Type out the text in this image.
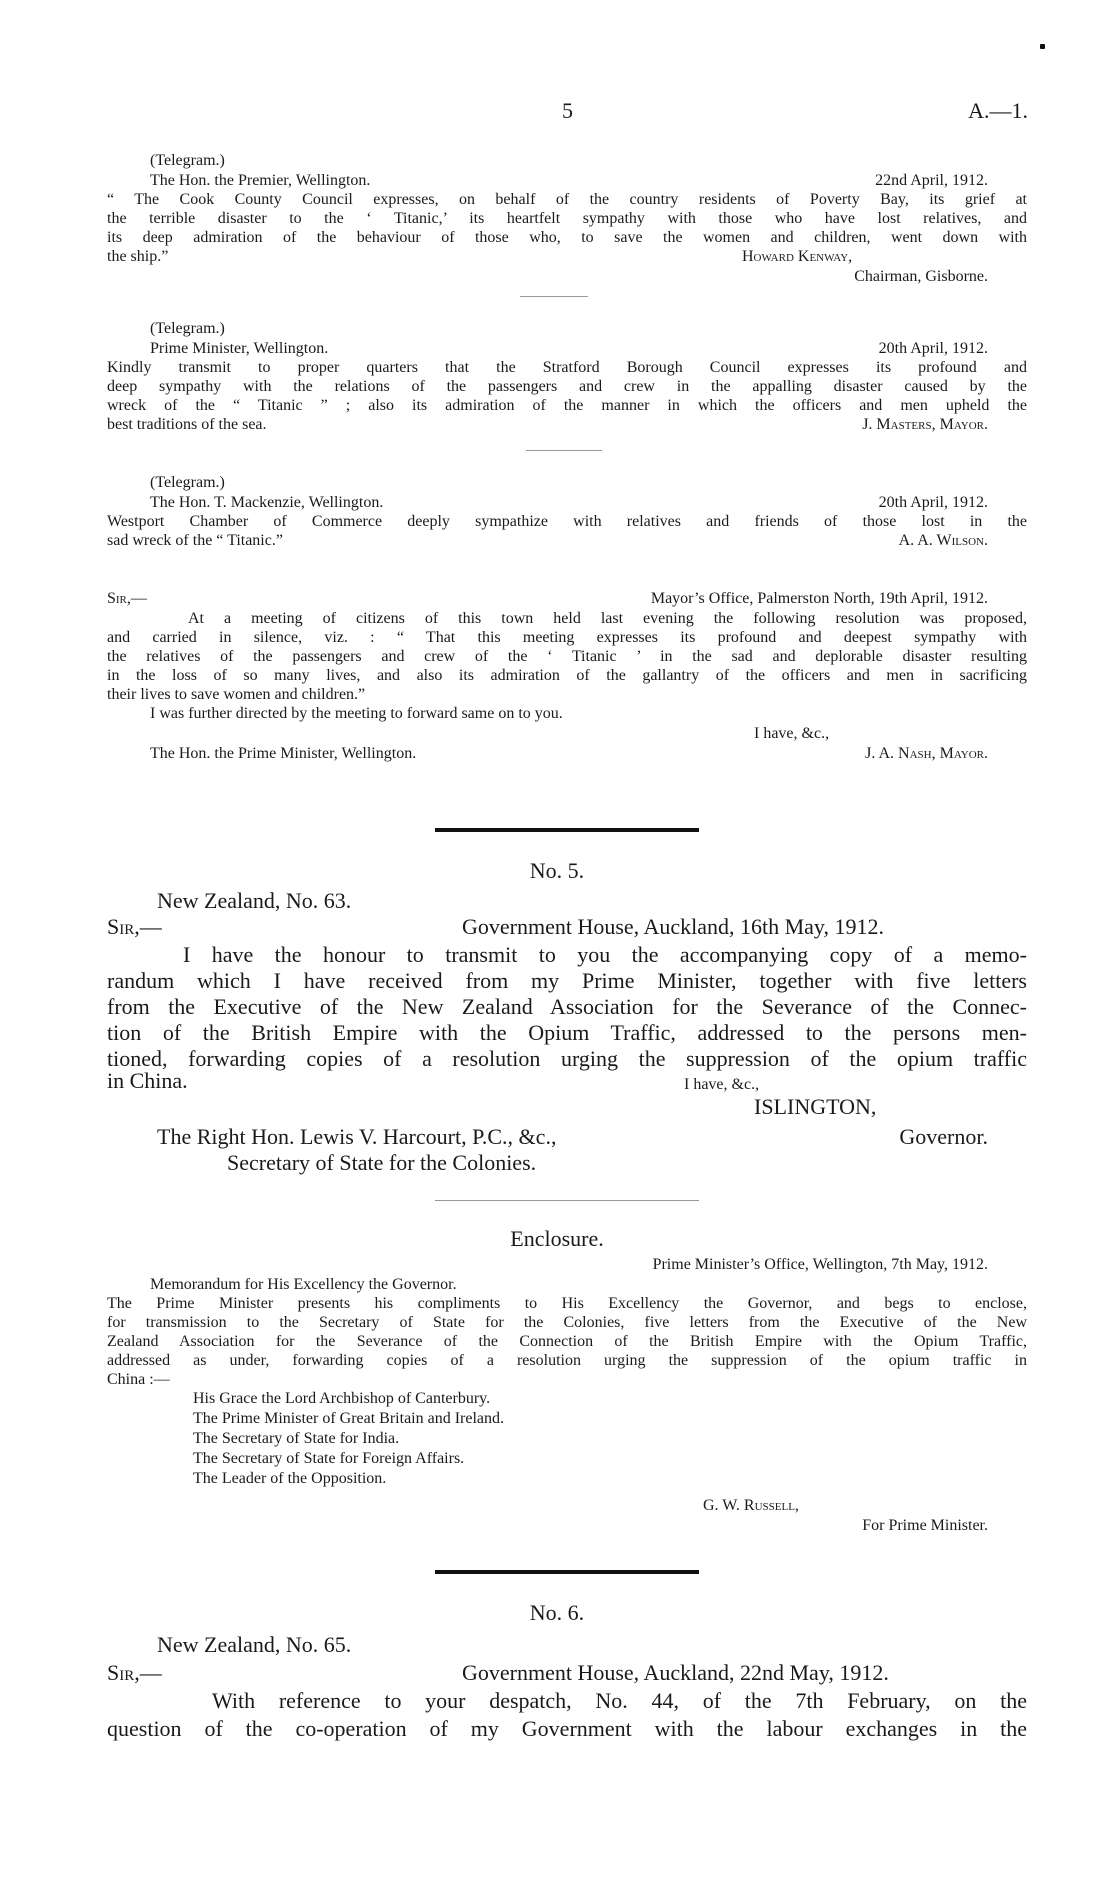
5	A.—1.
(Telegram.)
The Hon. the Premier, Wellington.	22nd April, 1912.
“ The Cook County Council expresses, on behalf of the country residents of Poverty Bay, its grief at
the terrible disaster to the ‘ Titanic,’ its heartfelt sympathy with those who have lost relatives, and
its deep admiration of the behaviour of those who, to save the women and children, went down with
the ship.”	Howard Kenway,
Chairman, Gisborne.
(Telegram.)
Prime Minister, Wellington.	20th April, 1912.
Kindly transmit to proper quarters that the Stratford Borough Council expresses its profound and
deep sympathy with the relations of the passengers and crew in the appalling disaster caused by the
wreck of the “ Titanic ” ; also its admiration of the manner in which the officers and men upheld the
best traditions of the sea.	J. Masters, Mayor.
(Telegram.)
The Hon. T. Mackenzie, Wellington.	20th April, 1912.
Westport Chamber of Commerce deeply sympathize with relatives and friends of those lost in the
sad wreck of the “ Titanic.”	A. A. Wilson.
Sir,—	Mayor’s Office, Palmerston North, 19th April, 1912.
At a meeting of citizens of this town held last evening the following resolution was proposed,
and carried in silence, viz. : “ That this meeting expresses its profound and deepest sympathy with
the relatives of the passengers and crew of the ‘ Titanic ’ in the sad and deplorable disaster resulting
in the loss of so many lives, and also its admiration of the gallantry of the officers and men in sacrificing
their lives to save women and children.”
I was further directed by the meeting to forward same on to you.
I have, &c.,
The Hon. the Prime Minister, Wellington.	J. A. Nash, Mayor.
No. 5.
New Zealand, No. 63.
Sir,—	Government House, Auckland, 16th May, 1912.
I have the honour to transmit to you the accompanying copy of a memo-
randum which I have received from my Prime Minister, together with five letters
from the Executive of the New Zealand Association for the Severance of the Connec-
tion of the British Empire with the Opium Traffic, addressed to the persons men-
tioned, forwarding copies of a resolution urging the suppression of the opium traffic
in China.	I have, &c.,
ISLINGTON,
The Right Hon. Lewis V. Harcourt, P.C., &c.,	Governor.
Secretary of State for the Colonies.
Enclosure.
Prime Minister’s Office, Wellington, 7th May, 1912.
Memorandum for His Excellency the Governor.
The Prime Minister presents his compliments to His Excellency the Governor, and begs to enclose,
for transmission to the Secretary of State for the Colonies, five letters from the Executive of the New
Zealand Association for the Severance of the Connection of the British Empire with the Opium Traffic,
addressed as under, forwarding copies of a resolution urging the suppression of the opium traffic in
China :—
His Grace the Lord Archbishop of Canterbury.
The Prime Minister of Great Britain and Ireland.
The Secretary of State for India.
The Secretary of State for Foreign Affairs.
The Leader of the Opposition.
G. W. Russell,
For Prime Minister.
No. 6.
New Zealand, No. 65.
Sir,—	Government House, Auckland, 22nd May, 1912.
With reference to your despatch, No. 44, of the 7th February, on the
question of the co-operation of my Government with the labour exchanges in the
